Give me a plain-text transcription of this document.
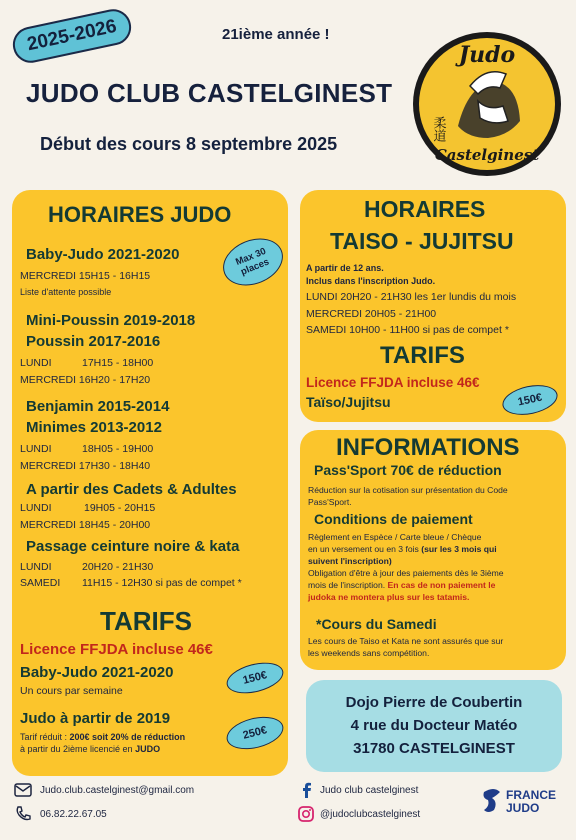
2025-2026	21ième année !
JUDO CLUB CASTELGINEST
Début des cours 8 septembre 2025
Judo
柔道
Castelginest
HORAIRES JUDO
Baby-Judo 2021-2020
MERCREDI 15H15 - 16H15
Liste d'attente possible
Mini-Poussin 2019-2018
Poussin 2017-2016
LUNDI	17H15 - 18H00
MERCREDI 16H20 - 17H20
Benjamin 2015-2014
Minimes 2013-2012
LUNDI	18H05 - 19H00
MERCREDI 17H30 - 18H40
A partir des Cadets & Adultes
LUNDI	19H05 - 20H15
MERCREDI 18H45 - 20H00
Passage ceinture noire & kata
LUNDI	20H20 - 21H30
SAMEDI 11H15 - 12H30 si pas de compet *
TARIFS
Licence FFJDA incluse 46€
Baby-Judo 2021-2020
Un cours par semaine
Judo à partir de 2019
Tarif réduit : 200€ soit 20% de réduction
à partir du 2ième licencié en JUDO
Max 30 places
150€
250€
HORAIRES
TAISO - JUJITSU
A partir de 12 ans.
Inclus dans l'inscription Judo.
LUNDI 20H20 - 21H30 les 1er lundis du mois
MERCREDI 20H05 - 21H00
SAMEDI 10H00 - 11H00 si pas de compet *
TARIFS
Licence FFJDA incluse 46€
Taïso/Jujitsu	150€
INFORMATIONS
Pass'Sport 70€ de réduction
Réduction sur la cotisation sur présentation du Code
Pass'Sport.
Conditions de paiement
Règlement en Espèce / Carte bleue / Chèque
en un versement ou en 3 fois (sur les 3 mois qui
suivent l'inscription)
Obligation d'être à jour des paiements dès le 3ième
mois de l'inscription. En cas de non paiement le
judoka ne montera plus sur les tatamis.
*Cours du Samedi
Les cours de Taiso et Kata ne sont assurés que sur
les weekends sans compétition.
Dojo Pierre de Coubertin
4 rue du Docteur Matéo
31780 CASTELGINEST
Judo.club.castelginest@gmail.com
06.82.22.67.05
Judo club castelginest
@judoclubcastelginest
FRANCE
JUDO
